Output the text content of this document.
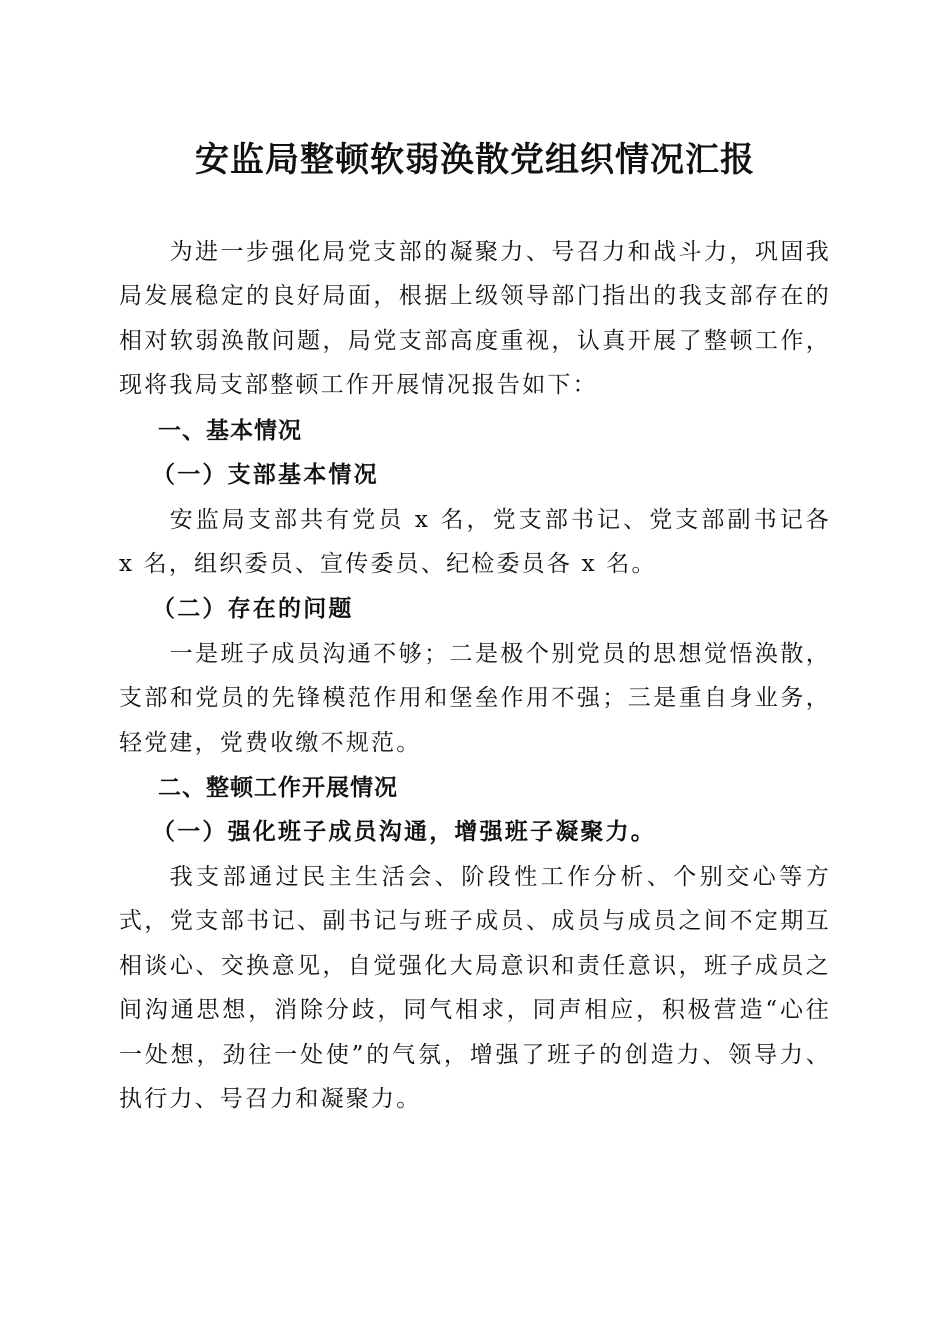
安监局整顿软弱涣散党组织情况汇报

为进一步强化局党支部的凝聚力、号召力和战斗力，巩固我局发展稳定的良好局面，根据上级领导部门指出的我支部存在的相对软弱涣散问题，局党支部高度重视，认真开展了整顿工作，现将我局支部整顿工作开展情况报告如下：

一、基本情况
（一）支部基本情况

安监局支部共有党员 x 名，党支部书记、党支部副书记各 x 名，组织委员、宣传委员、纪检委员各 x 名。

（二）存在的问题

一是班子成员沟通不够；二是极个别党员的思想觉悟涣散，支部和党员的先锋模范作用和堡垒作用不强；三是重自身业务，轻党建，党费收缴不规范。

二、整顿工作开展情况
（一）强化班子成员沟通，增强班子凝聚力。

我支部通过民主生活会、阶段性工作分析、个别交心等方式，党支部书记、副书记与班子成员、成员与成员之间不定期互相谈心、交换意见，自觉强化大局意识和责任意识，班子成员之间沟通思想，消除分歧，同气相求，同声相应，积极营造“心往一处想，劲往一处使”的气氛，增强了班子的创造力、领导力、执行力、号召力和凝聚力。
